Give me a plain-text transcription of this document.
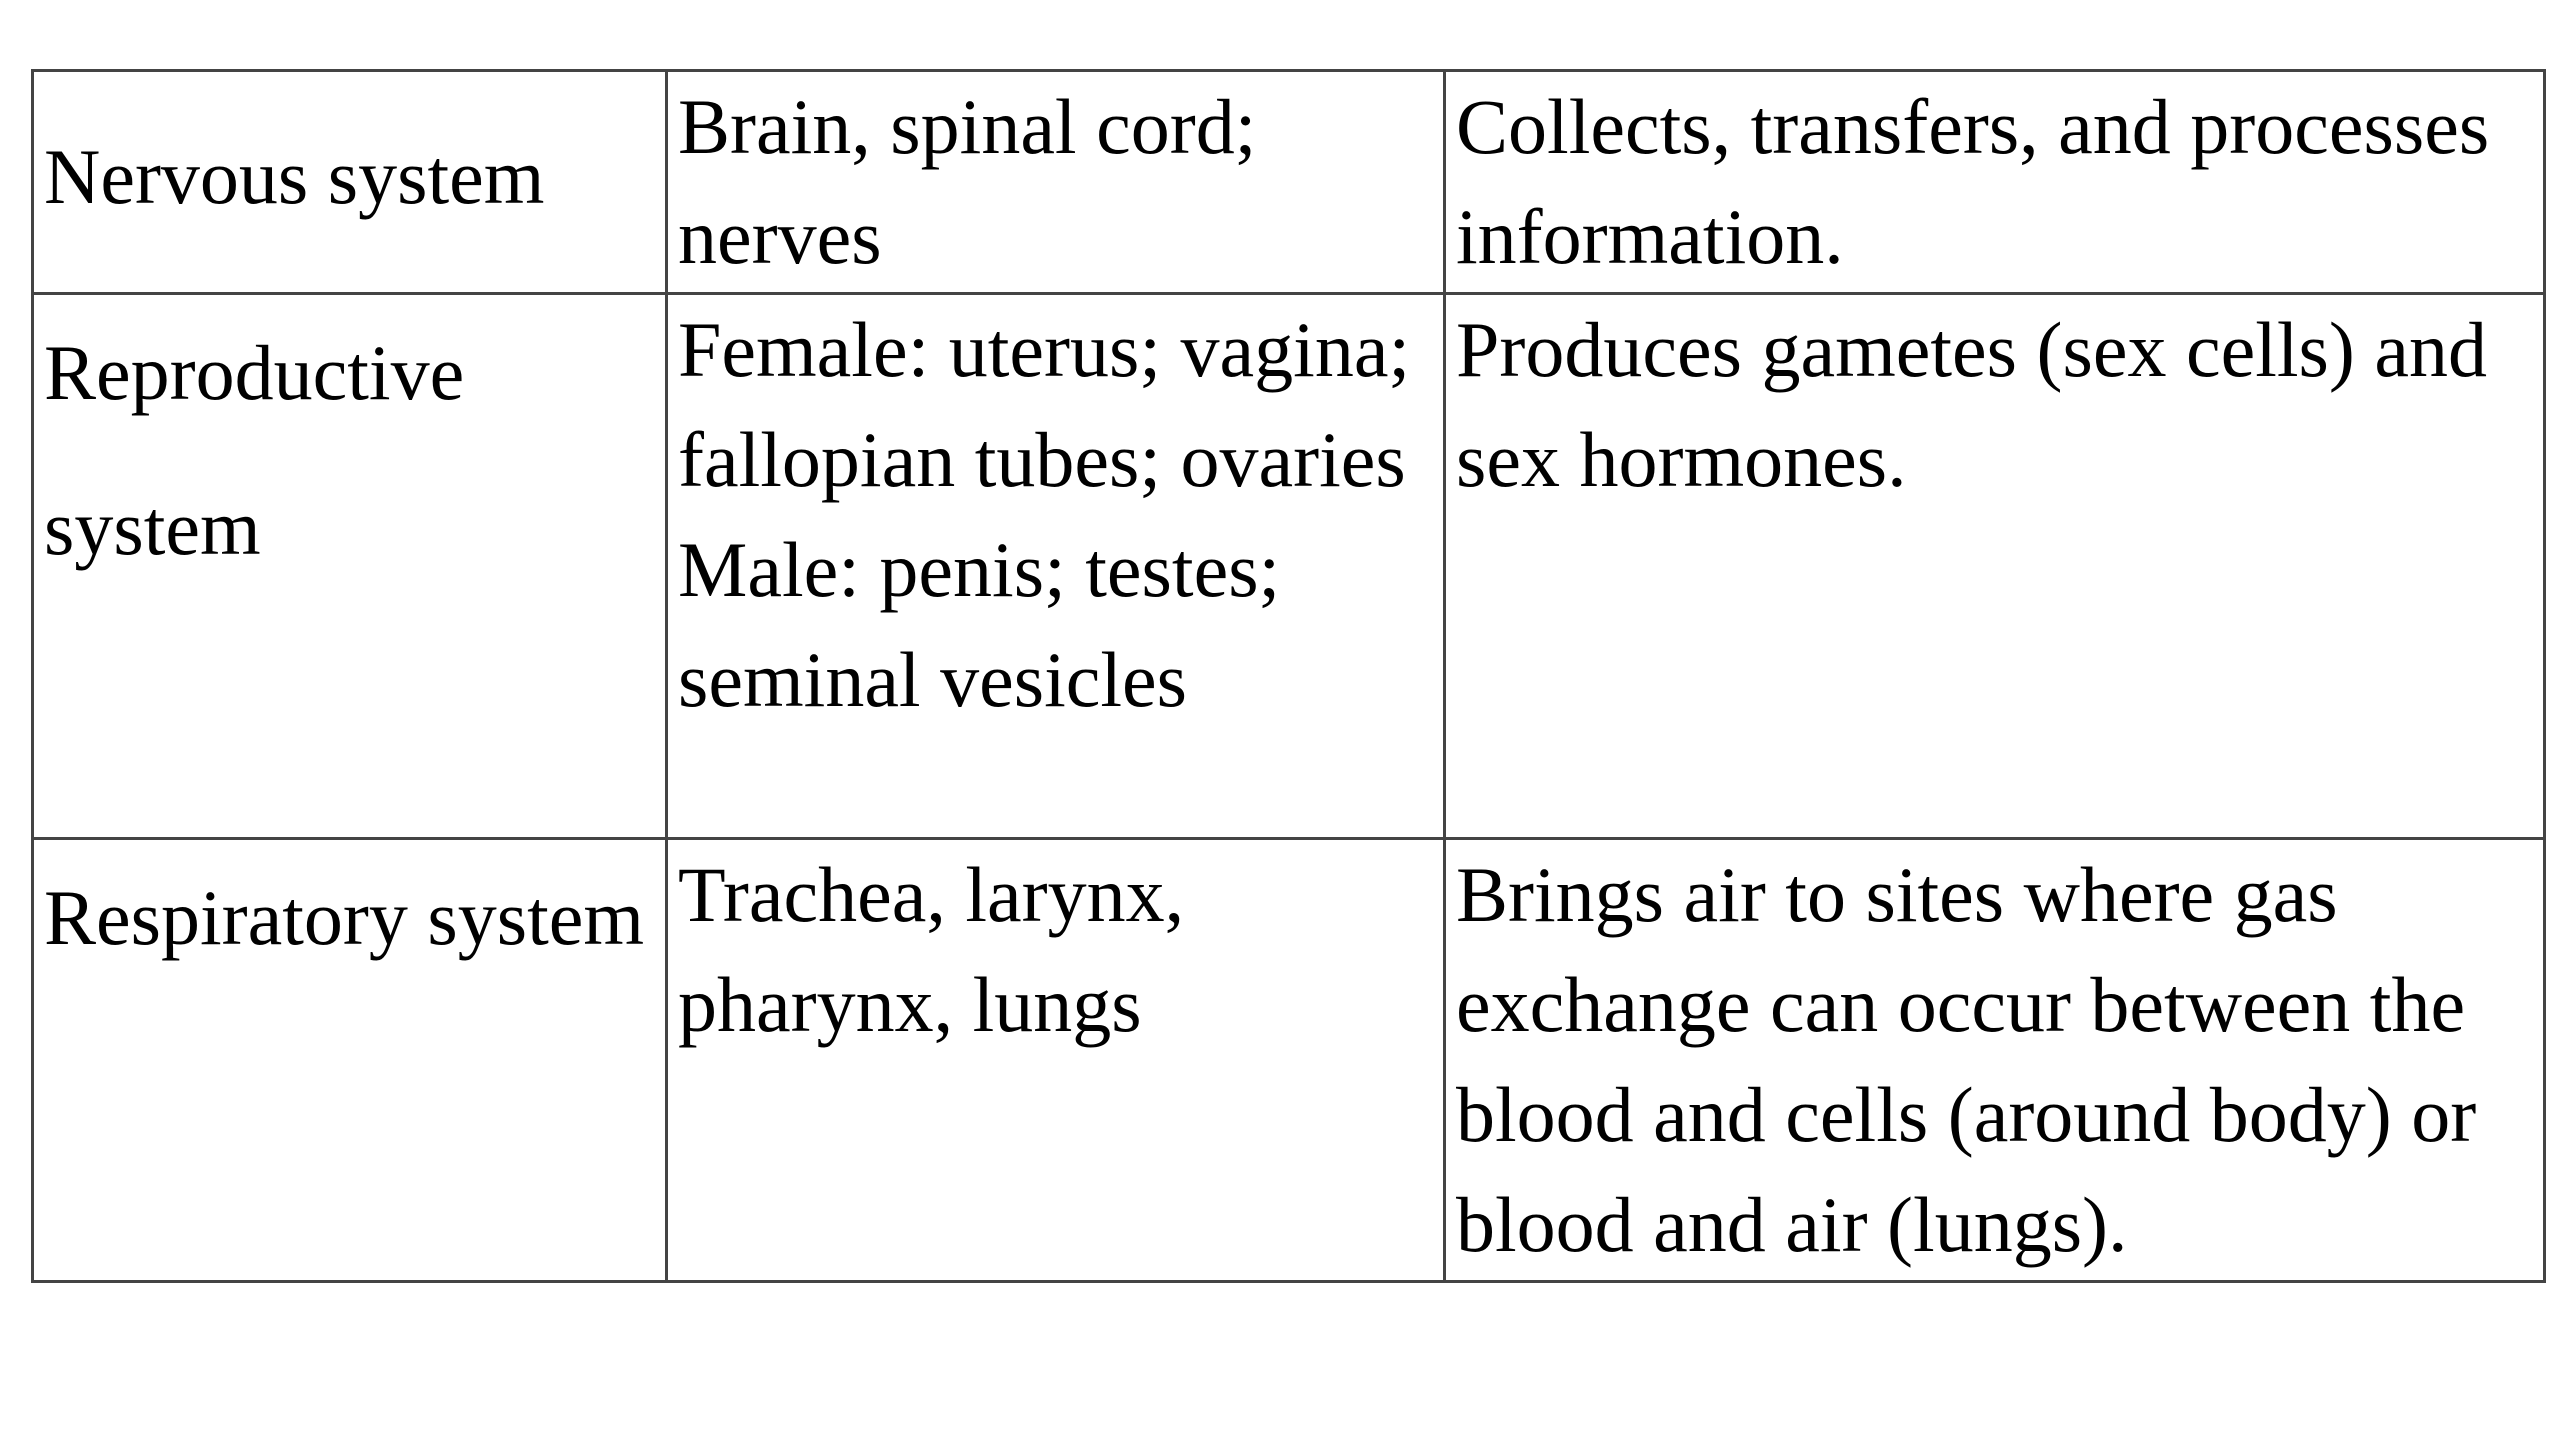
Nervous system	Brain, spinal cord; nerves	Collects, transfers, and processes information.

Reproductive system	Female: uterus; vagina; fallopian tubes; ovaries Male: penis; testes; seminal vesicles	Produces gametes (sex cells) and sex hormones.

Respiratory system	Trachea, larynx, pharynx, lungs	Brings air to sites where gas exchange can occur between the blood and cells (around body) or blood and air (lungs).
